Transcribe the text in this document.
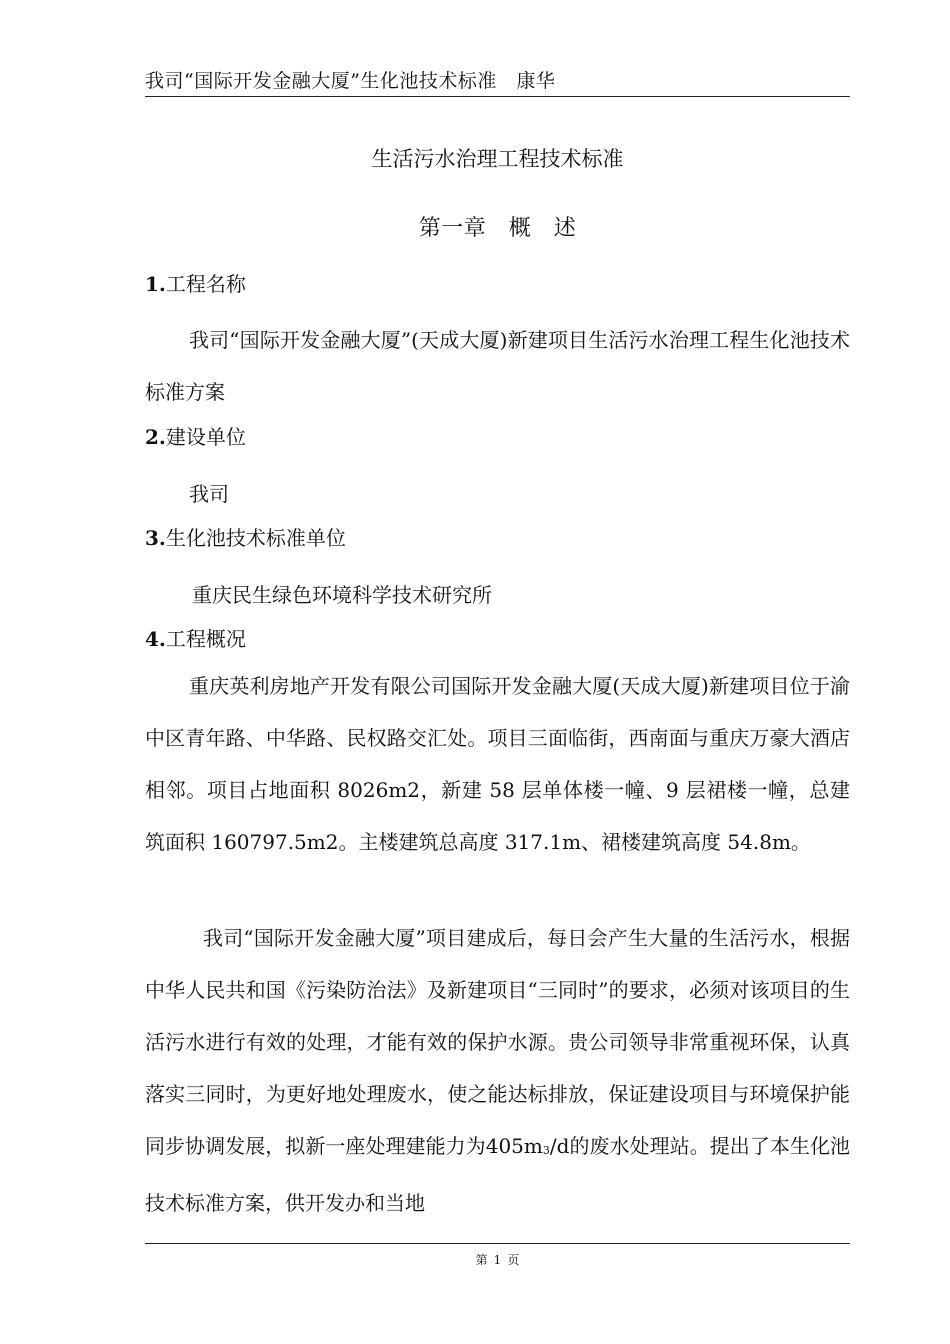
我司“国际开发金融大厦”生化池技术标准　康华
生活污水治理工程技术标准
第一章　概　述
1.工程名称
我司“国际开发金融大厦”(天成大厦)新建项目生活污水治理工程生化池技术标准方案
2.建设单位
我司
3.生化池技术标准单位
重庆民生绿色环境科学技术研究所
4.工程概况
重庆英利房地产开发有限公司国际开发金融大厦(天成大厦)新建项目位于渝中区青年路、中华路、民权路交汇处。项目三面临街，西南面与重庆万豪大酒店相邻。项目占地面积 8026m2，新建 58 层单体楼一幢、9 层裙楼一幢，总建筑面积 160797.5m2。主楼建筑总高度 317.1m、裙楼建筑高度 54.8m。
我司“国际开发金融大厦”项目建成后，每日会产生大量的生活污水，根据中华人民共和国《污染防治法》及新建项目“三同时”的要求，必须对该项目的生活污水进行有效的处理，才能有效的保护水源。贵公司领导非常重视环保，认真落实三同时，为更好地处理废水，使之能达标排放，保证建设项目与环境保护能同步协调发展，拟新一座处理建能力为$405m_3/d$的废水处理站。提出了本生化池技术标准方案，供开发办和当地
第 1 页
